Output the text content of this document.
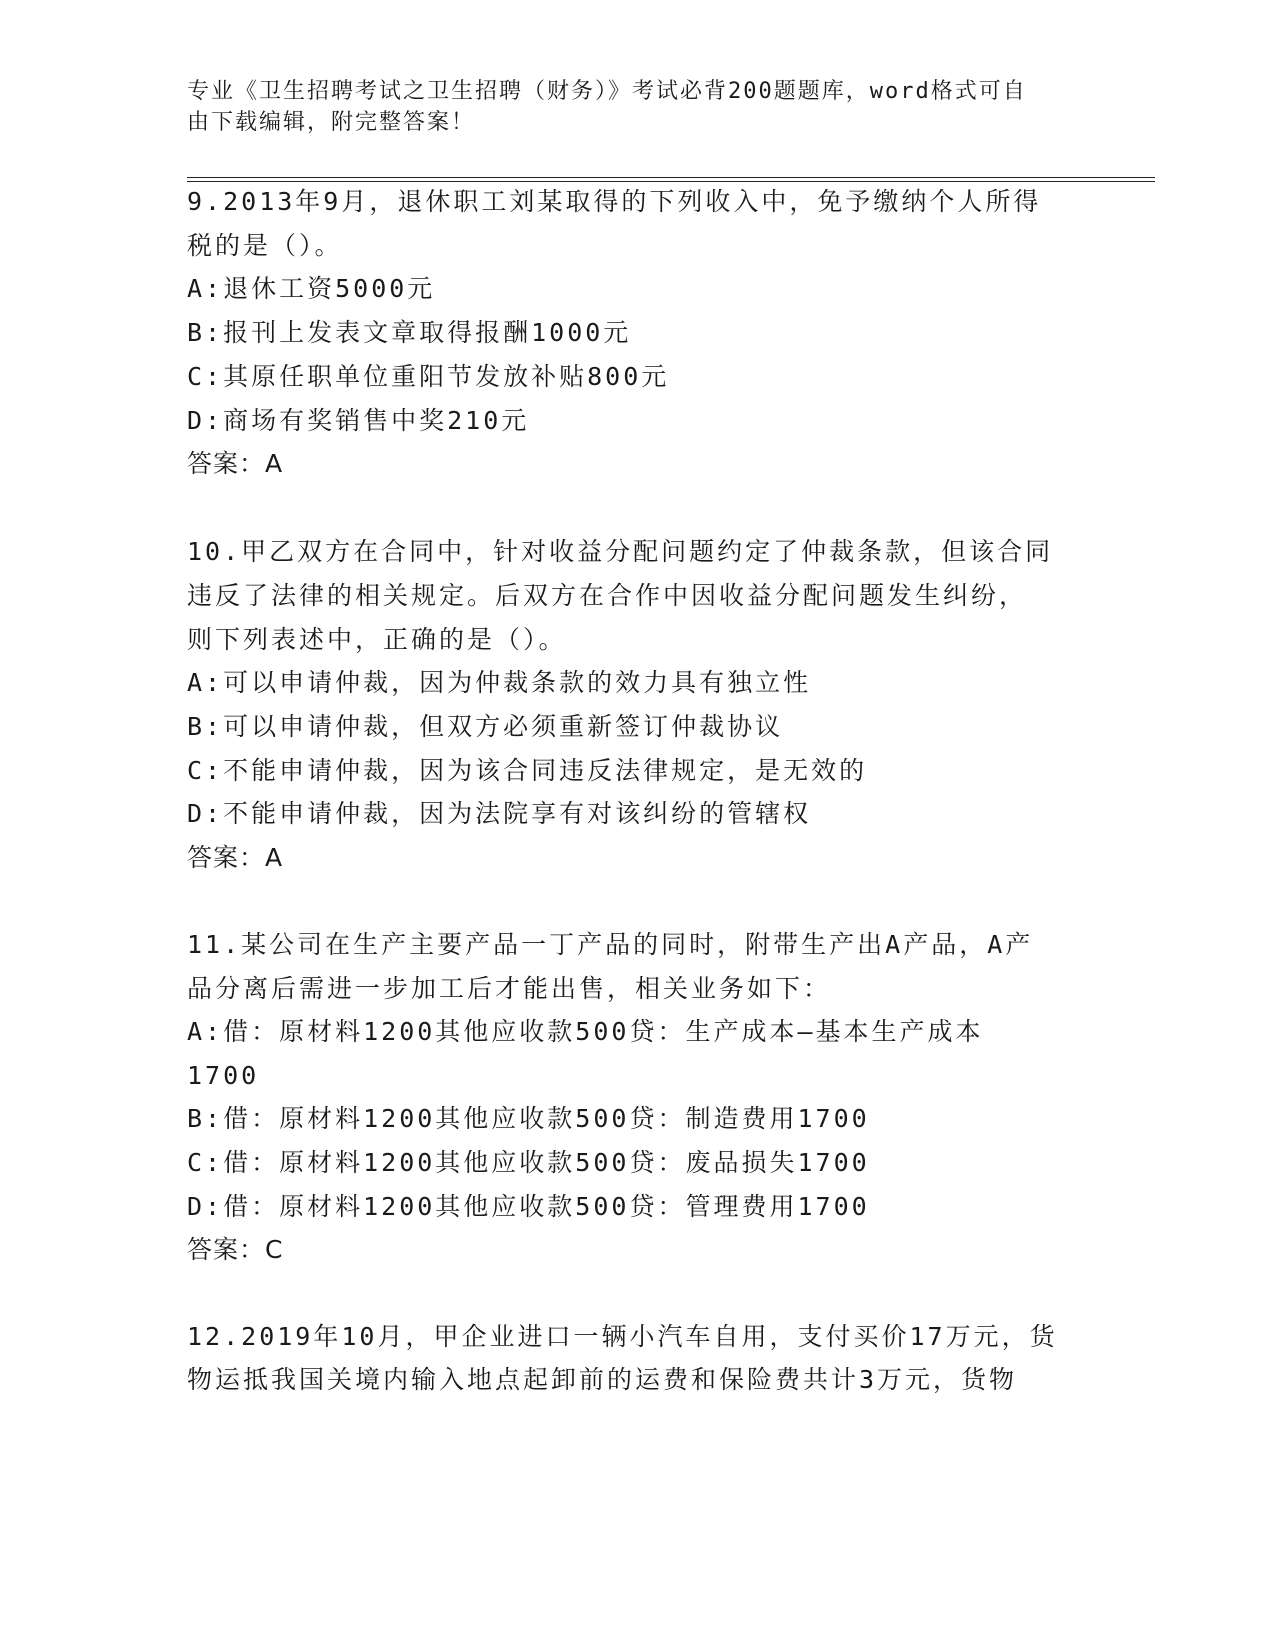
专业《卫生招聘考试之卫生招聘（财务）》考试必背200题题库，word格式可自
由下载编辑，附完整答案！
9.2013年9月，退休职工刘某取得的下列收入中，免予缴纳个人所得
税的是（）。
A:退休工资5000元
B:报刊上发表文章取得报酬1000元
C:其原任职单位重阳节发放补贴800元
D:商场有奖销售中奖210元
答案：A
10.甲乙双方在合同中，针对收益分配问题约定了仲裁条款，但该合同
违反了法律的相关规定。后双方在合作中因收益分配问题发生纠纷，
则下列表述中，正确的是（）。
A:可以申请仲裁，因为仲裁条款的效力具有独立性
B:可以申请仲裁，但双方必须重新签订仲裁协议
C:不能申请仲裁，因为该合同违反法律规定，是无效的
D:不能申请仲裁，因为法院享有对该纠纷的管辖权
答案：A
11.某公司在生产主要产品一丁产品的同时，附带生产出A产品，A产
品分离后需进一步加工后才能出售，相关业务如下：
A:借：原材料1200其他应收款500贷：生产成本—基本生产成本
1700
B:借：原材料1200其他应收款500贷：制造费用1700
C:借：原材料1200其他应收款500贷：废品损失1700
D:借：原材料1200其他应收款500贷：管理费用1700
答案：C
12.2019年10月，甲企业进口一辆小汽车自用，支付买价17万元，货
物运抵我国关境内输入地点起卸前的运费和保险费共计3万元，货物
